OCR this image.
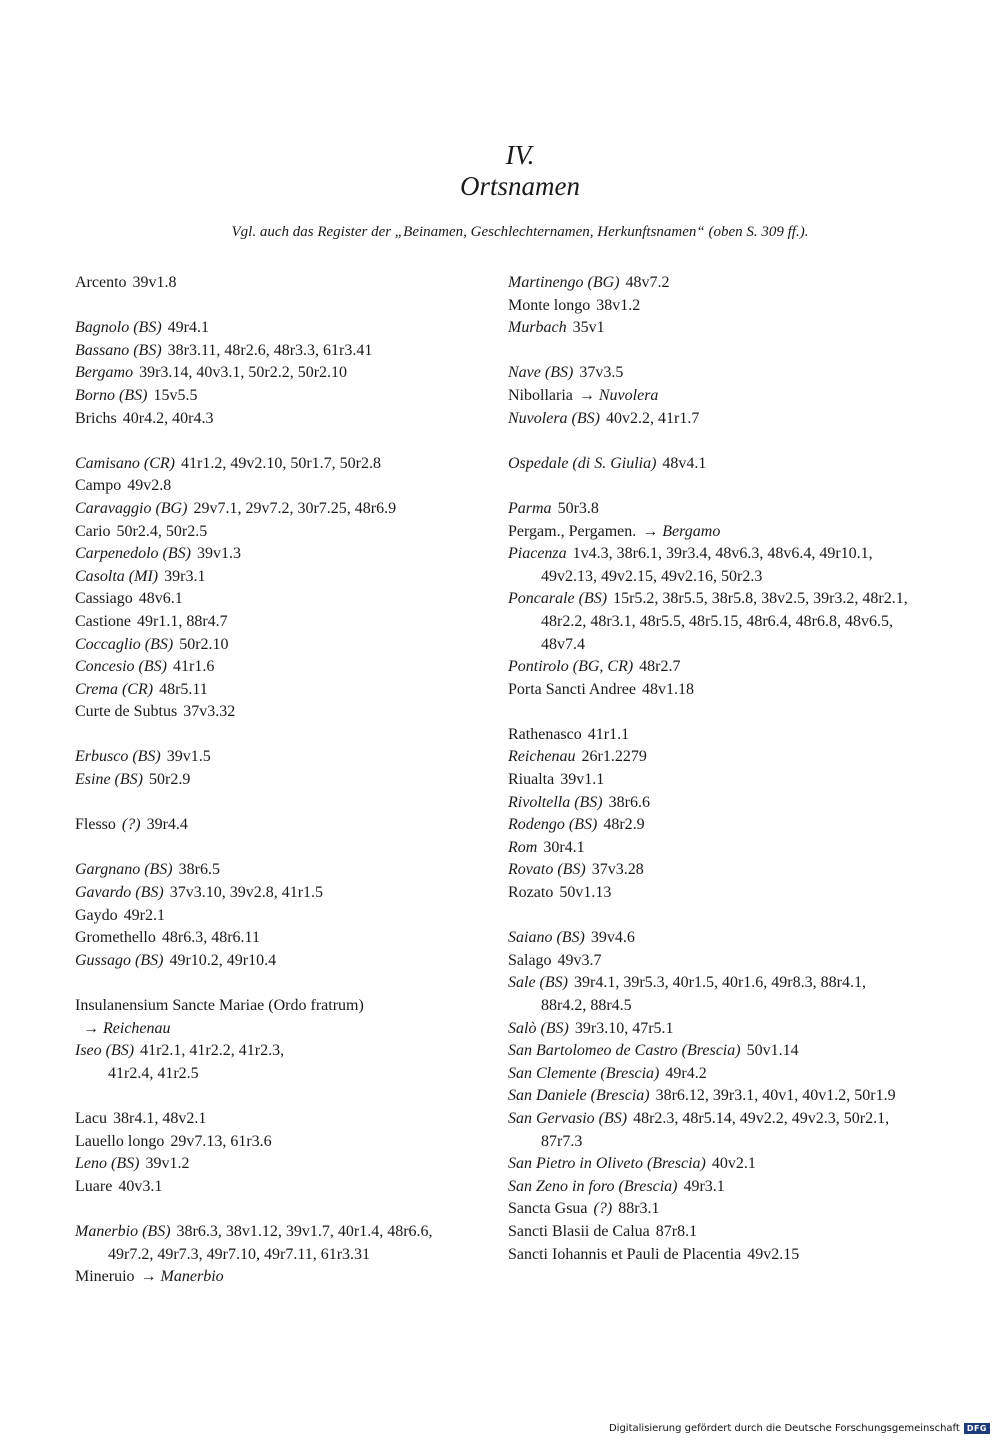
IV.
Ortsnamen
Vgl. auch das Register der „Beinamen, Geschlechternamen, Herkunftsnamen“ (oben S. 309 ff.).
Arcento 39v1.8
Bagnolo (BS) 49r4.1
Bassano (BS) 38r3.11, 48r2.6, 48r3.3, 61r3.41
Bergamo 39r3.14, 40v3.1, 50r2.2, 50r2.10
Borno (BS) 15v5.5
Brichs 40r4.2, 40r4.3
Camisano (CR) 41r1.2, 49v2.10, 50r1.7, 50r2.8
Campo 49v2.8
Caravaggio (BG) 29v7.1, 29v7.2, 30r7.25, 48r6.9
Cario 50r2.4, 50r2.5
Carpenedolo (BS) 39v1.3
Casolta (MI) 39r3.1
Cassiago 48v6.1
Castione 49r1.1, 88r4.7
Coccaglio (BS) 50r2.10
Concesio (BS) 41r1.6
Crema (CR) 48r5.11
Curte de Subtus 37v3.32
Erbusco (BS) 39v1.5
Esine (BS) 50r2.9
Flesso (?) 39r4.4
Gargnano (BS) 38r6.5
Gavardo (BS) 37v3.10, 39v2.8, 41r1.5
Gaydo 49r2.1
Gromethello 48r6.3, 48r6.11
Gussago (BS) 49r10.2, 49r10.4
Insulanensium Sancte Mariae (Ordo fratrum)
→ Reichenau
Iseo (BS) 41r2.1, 41r2.2, 41r2.3,
41r2.4, 41r2.5
Lacu 38r4.1, 48v2.1
Lauello longo 29v7.13, 61r3.6
Leno (BS) 39v1.2
Luare 40v3.1
Manerbio (BS) 38r6.3, 38v1.12, 39v1.7, 40r1.4, 48r6.6, 49r7.2, 49r7.3, 49r7.10, 49r7.11, 61r3.31
Mineruio → Manerbio
Martinengo (BG) 48v7.2
Monte longo 38v1.2
Murbach 35v1
Nave (BS) 37v3.5
Nibollaria → Nuvolera
Nuvolera (BS) 40v2.2, 41r1.7
Ospedale (di S. Giulia) 48v4.1
Parma 50r3.8
Pergam., Pergamen. → Bergamo
Piacenza 1v4.3, 38r6.1, 39r3.4, 48v6.3, 48v6.4, 49r10.1, 49v2.13, 49v2.15, 49v2.16, 50r2.3
Poncarale (BS) 15r5.2, 38r5.5, 38r5.8, 38v2.5, 39r3.2, 48r2.1, 48r2.2, 48r3.1, 48r5.5, 48r5.15, 48r6.4, 48r6.8, 48v6.5, 48v7.4
Pontirolo (BG, CR) 48r2.7
Porta Sancti Andree 48v1.18
Rathenasco 41r1.1
Reichenau 26r1.2279
Riualta 39v1.1
Rivoltella (BS) 38r6.6
Rodengo (BS) 48r2.9
Rom 30r4.1
Rovato (BS) 37v3.28
Rozato 50v1.13
Saiano (BS) 39v4.6
Salago 49v3.7
Sale (BS) 39r4.1, 39r5.3, 40r1.5, 40r1.6, 49r8.3, 88r4.1, 88r4.2, 88r4.5
Salò (BS) 39r3.10, 47r5.1
San Bartolomeo de Castro (Brescia) 50v1.14
San Clemente (Brescia) 49r4.2
San Daniele (Brescia) 38r6.12, 39r3.1, 40v1, 40v1.2, 50r1.9
San Gervasio (BS) 48r2.3, 48r5.14, 49v2.2, 49v2.3, 50r2.1, 87r7.3
San Pietro in Oliveto (Brescia) 40v2.1
San Zeno in foro (Brescia) 49r3.1
Sancta Gsua (?) 88r3.1
Sancti Blasii de Calua 87r8.1
Sancti Iohannis et Pauli de Placentia 49v2.15
Digitalisierung gefördert durch die Deutsche Forschungsgemeinschaft DFG
